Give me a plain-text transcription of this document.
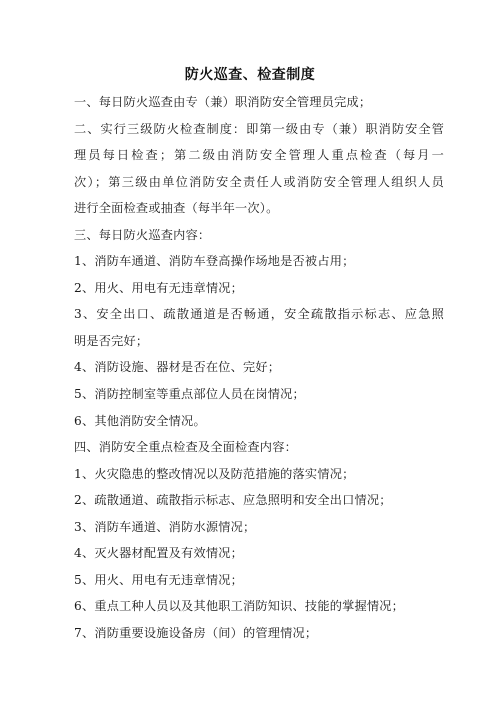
防火巡查、检查制度
一、每日防火巡查由专（兼）职消防安全管理员完成；
二、实行三级防火检查制度：即第一级由专（兼）职消防安全管
理员每日检查；第二级由消防安全管理人重点检查（每月一
次）；第三级由单位消防安全责任人或消防安全管理人组织人员
进行全面检查或抽查（每半年一次）。
三、每日防火巡查内容：
1、消防车通道、消防车登高操作场地是否被占用；
2、用火、用电有无违章情况；
3、安全出口、疏散通道是否畅通，安全疏散指示标志、应急照
明是否完好；
4、消防设施、器材是否在位、完好；
5、消防控制室等重点部位人员在岗情况；
6、其他消防安全情况。
四、消防安全重点检查及全面检查内容：
1、火灾隐患的整改情况以及防范措施的落实情况；
2、疏散通道、疏散指示标志、应急照明和安全出口情况；
3、消防车通道、消防水源情况；
4、灭火器材配置及有效情况；
5、用火、用电有无违章情况；
6、重点工种人员以及其他职工消防知识、技能的掌握情况；
7、消防重要设施设备房（间）的管理情况；
